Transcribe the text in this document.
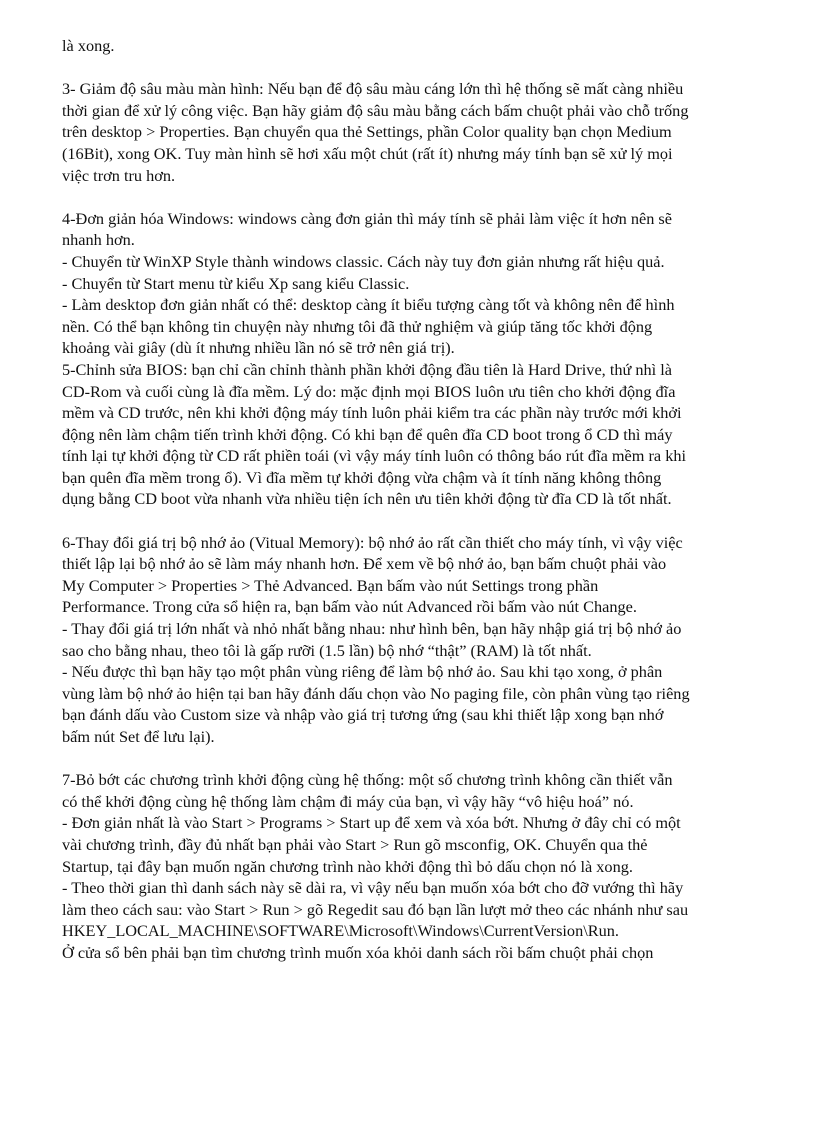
là xong.
3- Giảm độ sâu màu màn hình: Nếu bạn để độ sâu màu cáng lớn thì hệ thống sẽ mất càng nhiều
thời gian để xử lý công việc. Bạn hãy giảm độ sâu màu bằng cách bấm chuột phải vào chỗ trống
trên desktop > Properties. Bạn chuyển qua thẻ Settings, phần Color quality bạn chọn Medium
(16Bit), xong OK. Tuy màn hình sẽ hơi xấu một chút (rất ít) nhưng máy tính bạn sẽ xử lý mọi
việc trơn tru hơn.
4-Đơn giản hóa Windows: windows càng đơn giản thì máy tính sẽ phải làm việc ít hơn nên sẽ
nhanh hơn.
- Chuyển từ WinXP Style thành windows classic. Cách này tuy đơn giản nhưng rất hiệu quả.
- Chuyển từ Start menu từ kiểu Xp sang kiểu Classic.
- Làm desktop đơn giản nhất có thể: desktop càng ít biểu tượng càng tốt và không nên để hình
nền. Có thể bạn không tin chuyện này nhưng tôi đã thử nghiệm và giúp tăng tốc khởi động
khoảng vài giây (dù ít nhưng nhiều lần nó sẽ trở nên giá trị).
5-Chỉnh sửa BIOS: bạn chỉ cần chỉnh thành phần khởi động đầu tiên là Hard Drive, thứ nhì là
CD-Rom và cuối cùng là đĩa mềm. Lý do: mặc định mọi BIOS luôn ưu tiên cho khởi động đĩa
mềm và CD trước, nên khi khởi động máy tính luôn phải kiểm tra các phần này trước mới khởi
động nên làm chậm tiến trình khởi động. Có khi bạn để quên đĩa CD boot trong ổ CD thì máy
tính lại tự khởi động từ CD rất phiền toái (vì vậy máy tính luôn có thông báo rút đĩa mềm ra khi
bạn quên đĩa mềm trong ổ). Vì đĩa mềm tự khởi động vừa chậm và ít tính năng không thông
dụng bằng CD boot vừa nhanh vừa nhiều tiện ích nên ưu tiên khởi động từ đĩa CD là tốt nhất.
6-Thay đổi giá trị bộ nhớ ảo (Vitual Memory): bộ nhớ ảo rất cần thiết cho máy tính, vì vậy việc
thiết lập lại bộ nhớ ảo sẽ làm máy nhanh hơn. Để xem về bộ nhớ ảo, bạn bấm chuột phải vào
My Computer > Properties > Thẻ Advanced. Bạn bấm vào nút Settings trong phần
Performance. Trong cửa sổ hiện ra, bạn bấm vào nút Advanced rồi bấm vào nút Change.
- Thay đổi giá trị lớn nhất và nhỏ nhất bằng nhau: như hình bên, bạn hãy nhập giá trị bộ nhớ ảo
sao cho bằng nhau, theo tôi là gấp rưỡi (1.5 lần) bộ nhớ “thật” (RAM) là tốt nhất.
- Nếu được thì bạn hãy tạo một phân vùng riêng để làm bộ nhớ ảo. Sau khi tạo xong, ở phân
vùng làm bộ nhớ ảo hiện tại ban hãy đánh dấu chọn vào No paging file, còn phân vùng tạo riêng
bạn đánh dấu vào Custom size và nhập vào giá trị tương ứng (sau khi thiết lập xong bạn nhớ
bấm nút Set để lưu lại).
7-Bỏ bớt các chương trình khởi động cùng hệ thống: một số chương trình không cần thiết vẫn
có thể khởi động cùng hệ thống làm chậm đi máy của bạn, vì vậy hãy “vô hiệu hoá” nó.
- Đơn giản nhất là vào Start > Programs > Start up để xem và xóa bớt. Nhưng ở đây chỉ có một
vài chương trình, đầy đủ nhất bạn phải vào Start > Run gõ msconfig, OK. Chuyển qua thẻ
Startup, tại đây bạn muốn ngăn chương trình nào khởi động thì bỏ dấu chọn nó là xong.
- Theo thời gian thì danh sách này sẽ dài ra, vì vậy nếu bạn muốn xóa bớt cho đỡ vướng thì hãy
làm theo cách sau: vào Start > Run > gõ Regedit sau đó bạn lần lượt mở theo các nhánh như sau
HKEY_LOCAL_MACHINE\SOFTWARE\Microsoft\Windows\CurrentVersion\Run.
Ở cửa sổ bên phải bạn tìm chương trình muốn xóa khỏi danh sách rồi bấm chuột phải chọn
